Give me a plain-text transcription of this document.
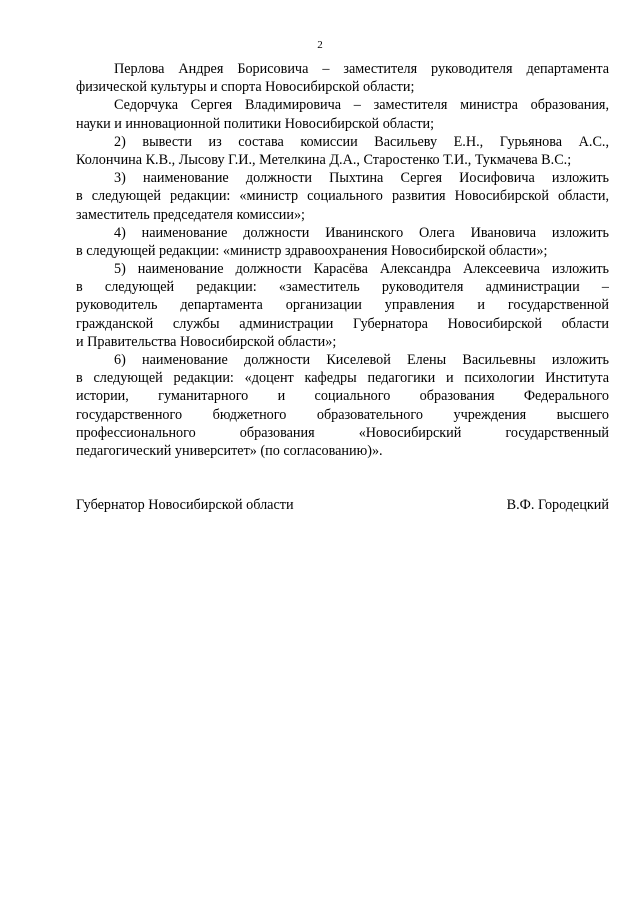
2
Перлова Андрея Борисовича – заместителя руководителя департамента
физической культуры и спорта Новосибирской области;
Седорчука Сергея Владимировича – заместителя министра образования,
науки и инновационной политики Новосибирской области;
2) вывести из состава комиссии Васильеву Е.Н., Гурьянова А.С.,
Колончина К.В., Лысову Г.И., Метелкина Д.А., Старостенко Т.И., Тукмачева В.С.;
3) наименование должности Пыхтина Сергея Иосифовича изложить
в следующей редакции: «министр социального развития Новосибирской области,
заместитель председателя комиссии»;
4) наименование должности Иванинского Олега Ивановича изложить
в следующей редакции: «министр здравоохранения Новосибирской области»;
5) наименование должности Карасёва Александра Алексеевича изложить
в следующей редакции: «заместитель руководителя администрации –
руководитель департамента организации управления и государственной
гражданской службы администрации Губернатора Новосибирской области
и Правительства Новосибирской области»;
6) наименование должности Киселевой Елены Васильевны изложить
в следующей редакции: «доцент кафедры педагогики и психологии Института
истории, гуманитарного и социального образования Федерального
государственного бюджетного образовательного учреждения высшего
профессионального образования «Новосибирский государственный
педагогический университет» (по согласованию)».
Губернатор Новосибирской области	В.Ф. Городецкий
